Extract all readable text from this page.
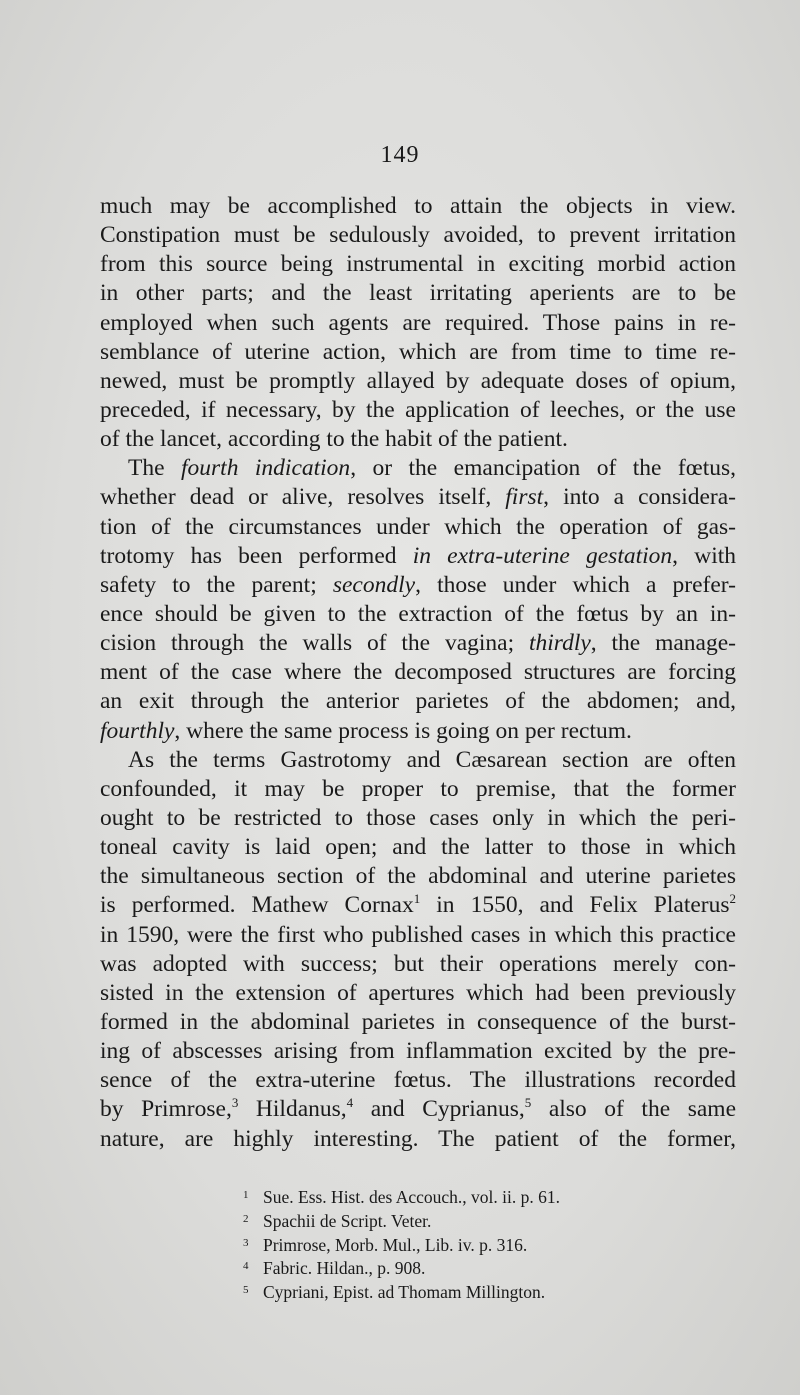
149
much may be accomplished to attain the objects in view.
Constipation must be sedulously avoided, to prevent irritation
from this source being instrumental in exciting morbid action
in other parts; and the least irritating aperients are to be
employed when such agents are required. Those pains in re-
semblance of uterine action, which are from time to time re-
newed, must be promptly allayed by adequate doses of opium,
preceded, if necessary, by the application of leeches, or the use
of the lancet, according to the habit of the patient.
The fourth indication, or the emancipation of the fœtus,
whether dead or alive, resolves itself, first, into a considera-
tion of the circumstances under which the operation of gas-
trotomy has been performed in extra-uterine gestation, with
safety to the parent; secondly, those under which a prefer-
ence should be given to the extraction of the fœtus by an in-
cision through the walls of the vagina; thirdly, the manage-
ment of the case where the decomposed structures are forcing
an exit through the anterior parietes of the abdomen; and,
fourthly, where the same process is going on per rectum.
As the terms Gastrotomy and Cæsarean section are often
confounded, it may be proper to premise, that the former
ought to be restricted to those cases only in which the peri-
toneal cavity is laid open; and the latter to those in which
the simultaneous section of the abdominal and uterine parietes
is performed. Mathew Cornax$^1$ in 1550, and Felix Platerus$^2$
in 1590, were the first who published cases in which this practice
was adopted with success; but their operations merely con-
sisted in the extension of apertures which had been previously
formed in the abdominal parietes in consequence of the burst-
ing of abscesses arising from inflammation excited by the pre-
sence of the extra-uterine fœtus. The illustrations recorded
by Primrose,$^3$ Hildanus,$^4$ and Cyprianus,$^5$ also of the same
nature, are highly interesting. The patient of the former,
1 Sue. Ess. Hist. des Accouch., vol. ii. p. 61.
2 Spachii de Script. Veter.
3 Primrose, Morb. Mul., Lib. iv. p. 316.
4 Fabric. Hildan., p. 908.
5 Cypriani, Epist. ad Thomam Millington.
